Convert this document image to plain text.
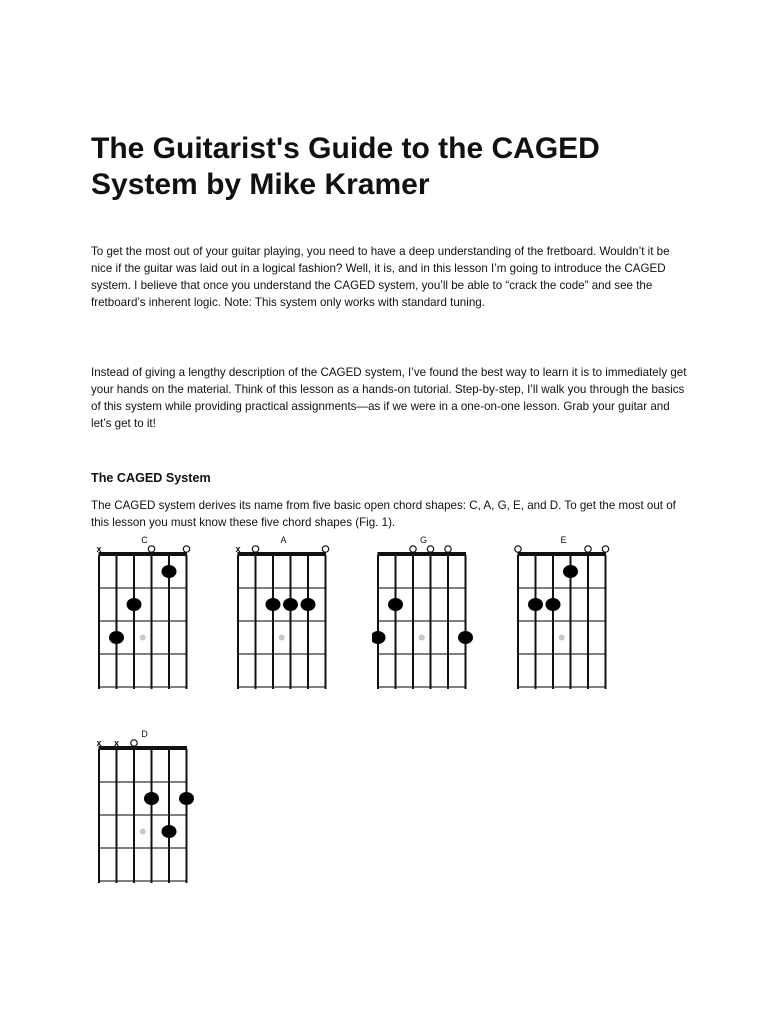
The Guitarist's Guide to the CAGED System by Mike Kramer

To get the most out of your guitar playing, you need to have a deep understanding of the fretboard. Wouldn’t it be nice if the guitar was laid out in a logical fashion? Well, it is, and in this lesson I’m going to introduce the CAGED system. I believe that once you understand the CAGED system, you’ll be able to “crack the code” and see the fretboard’s inherent logic. Note: This system only works with standard tuning.

Instead of giving a lengthy description of the CAGED system, I’ve found the best way to learn it is to immediately get your hands on the material. Think of this lesson as a hands-on tutorial. Step-by-step, I’ll walk you through the basics of this system while providing practical assignments—as if we were in a one-on-one lesson. Grab your guitar and let’s get to it!

The CAGED System

The CAGED system derives its name from five basic open chord shapes: C, A, G, E, and D. To get the most out of this lesson you must know these five chord shapes (Fig. 1).

C
x
A
x
G	E
D
x x
